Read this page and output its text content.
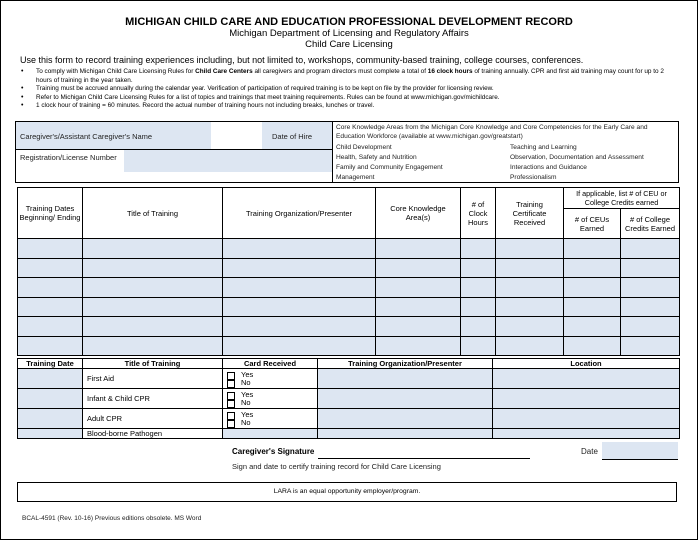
MICHIGAN CHILD CARE AND EDUCATION PROFESSIONAL DEVELOPMENT RECORD
Michigan Department of Licensing and Regulatory Affairs
Child Care Licensing
Use this form to record training experiences including, but not limited to, workshops, community-based training, college courses, conferences.
• To comply with Michigan Child Care Licensing Rules for Child Care Centers all caregivers and program directors must complete a total of 16 clock hours of training annually. CPR and first aid training may count for up to 2 hours of training in the year taken.
• Training must be accrued annually during the calendar year. Verification of participation of required training is to be kept on file by the provider for licensing review.
• Refer to Michigan Child Care Licensing Rules for a list of topics and trainings that meet training requirements. Rules can be found at www.michigan.gov/michildcare.
• 1 clock hour of training = 60 minutes. Record the actual number of training hours not including breaks, lunches or travel.
Caregiver's/Assistant Caregiver's Name	Date of Hire
Registration/License Number
Core Knowledge Areas from the Michigan Core Knowledge and Core Competencies for the Early Care and Education Workforce (available at www.michigan.gov/greatstart)
Child Development
Health, Safety and Nutrition
Family and Community Engagement
Management
Teaching and Learning
Observation, Documentation and Assessment
Interactions and Guidance
Professionalism
Training Dates Beginning/ Ending	Title of Training	Training Organization/Presenter	Core Knowledge Area(s)	# of Clock Hours	Training Certificate Received	If applicable, list # of CEU or College Credits earned	
						# of CEUs Earned	# of College Credits Earned

Training Date	Title of Training	Card Received	Training Organization/Presenter	Location
	First Aid	Yes
No		

	Infant & Child CPR	Yes
No		

	Adult CPR	Yes
No		

	Blood-borne Pathogen			
Caregiver's Signature	Date
Sign and date to certify training record for Child Care Licensing
LARA is an equal opportunity employer/program.
BCAL-4591 (Rev. 10-16) Previous editions obsolete. MS Word
